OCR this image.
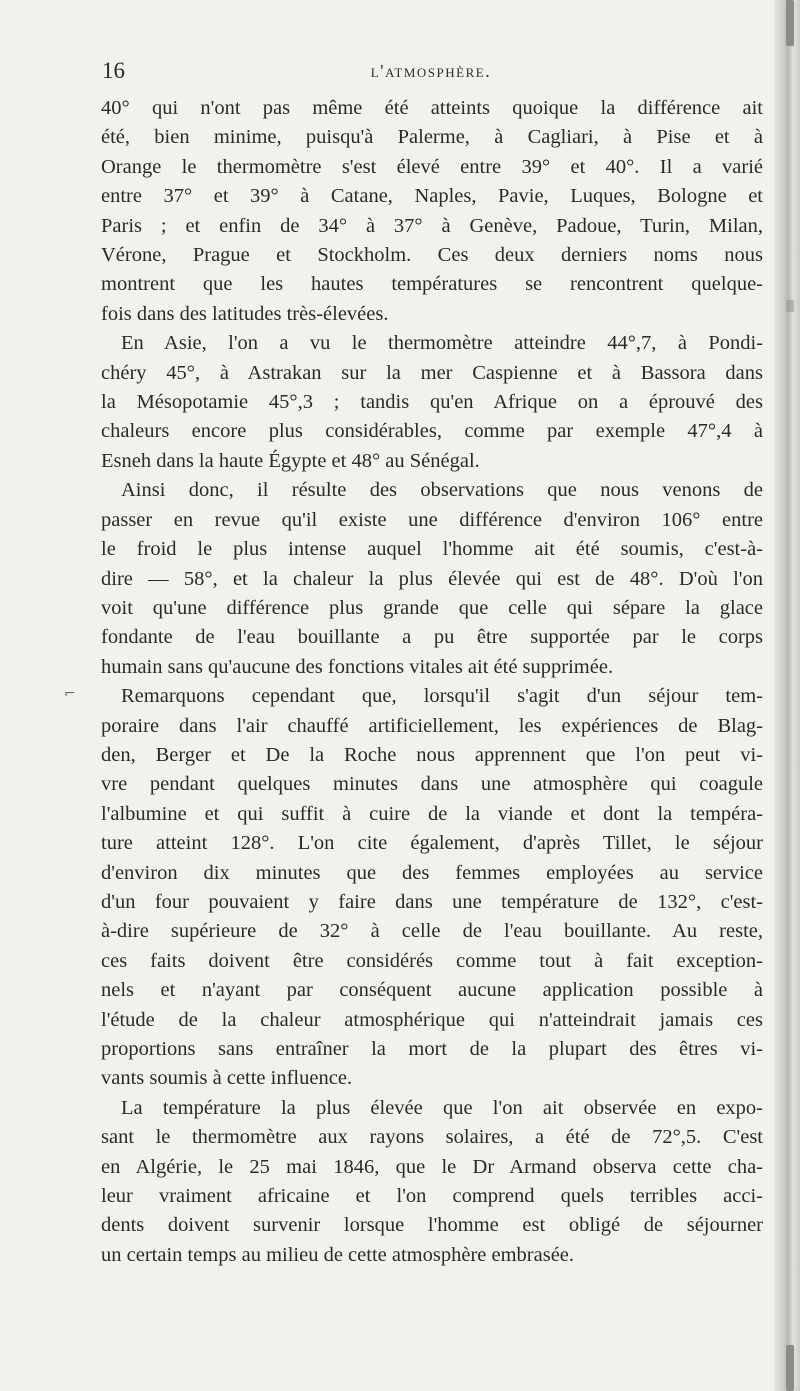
16	l'atmosphère.
⌐
40° qui n'ont pas même été atteints quoique la différence ait
été, bien minime, puisqu'à Palerme, à Cagliari, à Pise et à
Orange le thermomètre s'est élevé entre 39° et 40°. Il a varié
entre 37° et 39° à Catane, Naples, Pavie, Luques, Bologne et
Paris ; et enfin de 34° à 37° à Genève, Padoue, Turin, Milan,
Vérone, Prague et Stockholm. Ces deux derniers noms nous
montrent que les hautes températures se rencontrent quelque-
fois dans des latitudes très-élevées.
En Asie, l'on a vu le thermomètre atteindre 44°,7, à Pondi-
chéry 45°, à Astrakan sur la mer Caspienne et à Bassora dans
la Mésopotamie 45°,3 ; tandis qu'en Afrique on a éprouvé des
chaleurs encore plus considérables, comme par exemple 47°,4 à
Esneh dans la haute Égypte et 48° au Sénégal.
Ainsi donc, il résulte des observations que nous venons de
passer en revue qu'il existe une différence d'environ 106° entre
le froid le plus intense auquel l'homme ait été soumis, c'est-à-
dire — 58°, et la chaleur la plus élevée qui est de 48°. D'où l'on
voit qu'une différence plus grande que celle qui sépare la glace
fondante de l'eau bouillante a pu être supportée par le corps
humain sans qu'aucune des fonctions vitales ait été supprimée.
Remarquons cependant que, lorsqu'il s'agit d'un séjour tem-
poraire dans l'air chauffé artificiellement, les expériences de Blag-
den, Berger et De la Roche nous apprennent que l'on peut vi-
vre pendant quelques minutes dans une atmosphère qui coagule
l'albumine et qui suffit à cuire de la viande et dont la tempéra-
ture atteint 128°. L'on cite également, d'après Tillet, le séjour
d'environ dix minutes que des femmes employées au service
d'un four pouvaient y faire dans une température de 132°, c'est-
à-dire supérieure de 32° à celle de l'eau bouillante. Au reste,
ces faits doivent être considérés comme tout à fait exception-
nels et n'ayant par conséquent aucune application possible à
l'étude de la chaleur atmosphérique qui n'atteindrait jamais ces
proportions sans entraîner la mort de la plupart des êtres vi-
vants soumis à cette influence.
La température la plus élevée que l'on ait observée en expo-
sant le thermomètre aux rayons solaires, a été de 72°,5. C'est
en Algérie, le 25 mai 1846, que le Dr Armand observa cette cha-
leur vraiment africaine et l'on comprend quels terribles acci-
dents doivent survenir lorsque l'homme est obligé de séjourner
un certain temps au milieu de cette atmosphère embrasée.
